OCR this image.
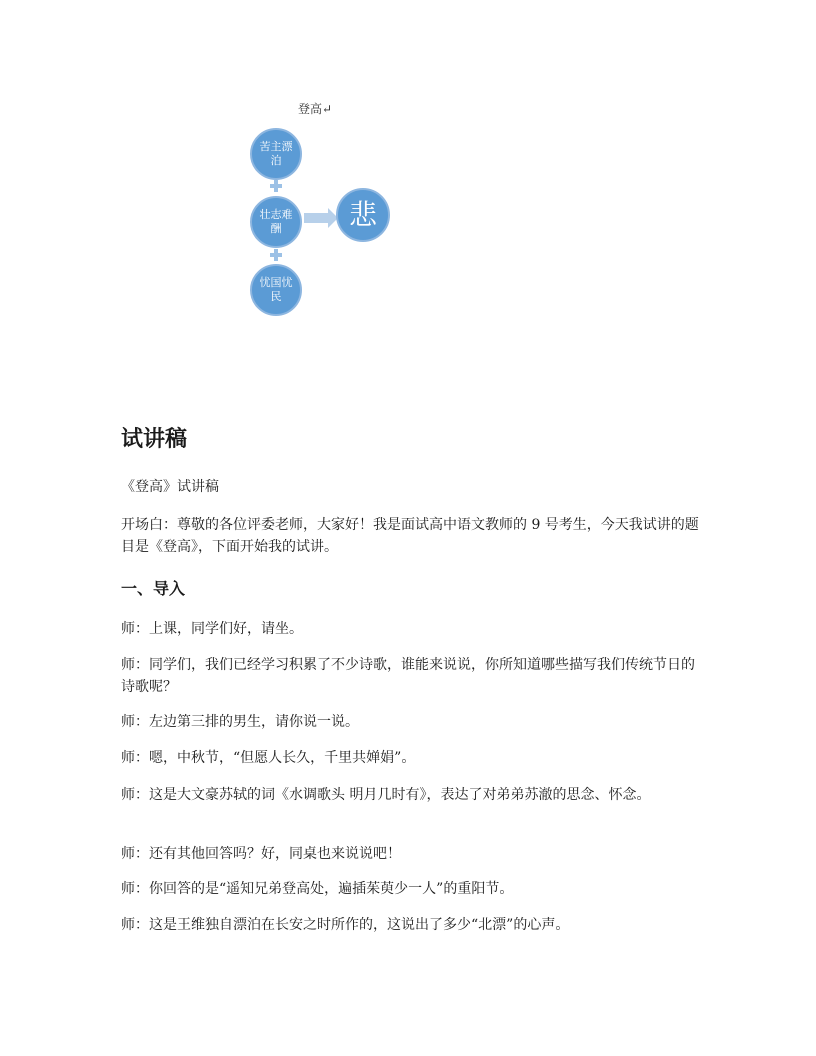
登高↵
苦主漂泊
壮志难酬
忧国忧民
悲
试讲稿

《登高》试讲稿

开场白：尊敬的各位评委老师，大家好！我是面试高中语文教师的 9 号考生，今天我试讲的题目是《登高》，下面开始我的试讲。

一、导入

师：上课，同学们好，请坐。

师：同学们，我们已经学习积累了不少诗歌，谁能来说说，你所知道哪些描写我们传统节日的诗歌呢？

师：左边第三排的男生，请你说一说。

师：嗯，中秋节，“但愿人长久，千里共婵娟”。

师：这是大文豪苏轼的词《水调歌头 明月几时有》，表达了对弟弟苏澈的思念、怀念。

师：还有其他回答吗？好，同桌也来说说吧！

师：你回答的是“遥知兄弟登高处，遍插茱萸少一人”的重阳节。

师：这是王维独自漂泊在长安之时所作的，这说出了多少“北漂”的心声。
